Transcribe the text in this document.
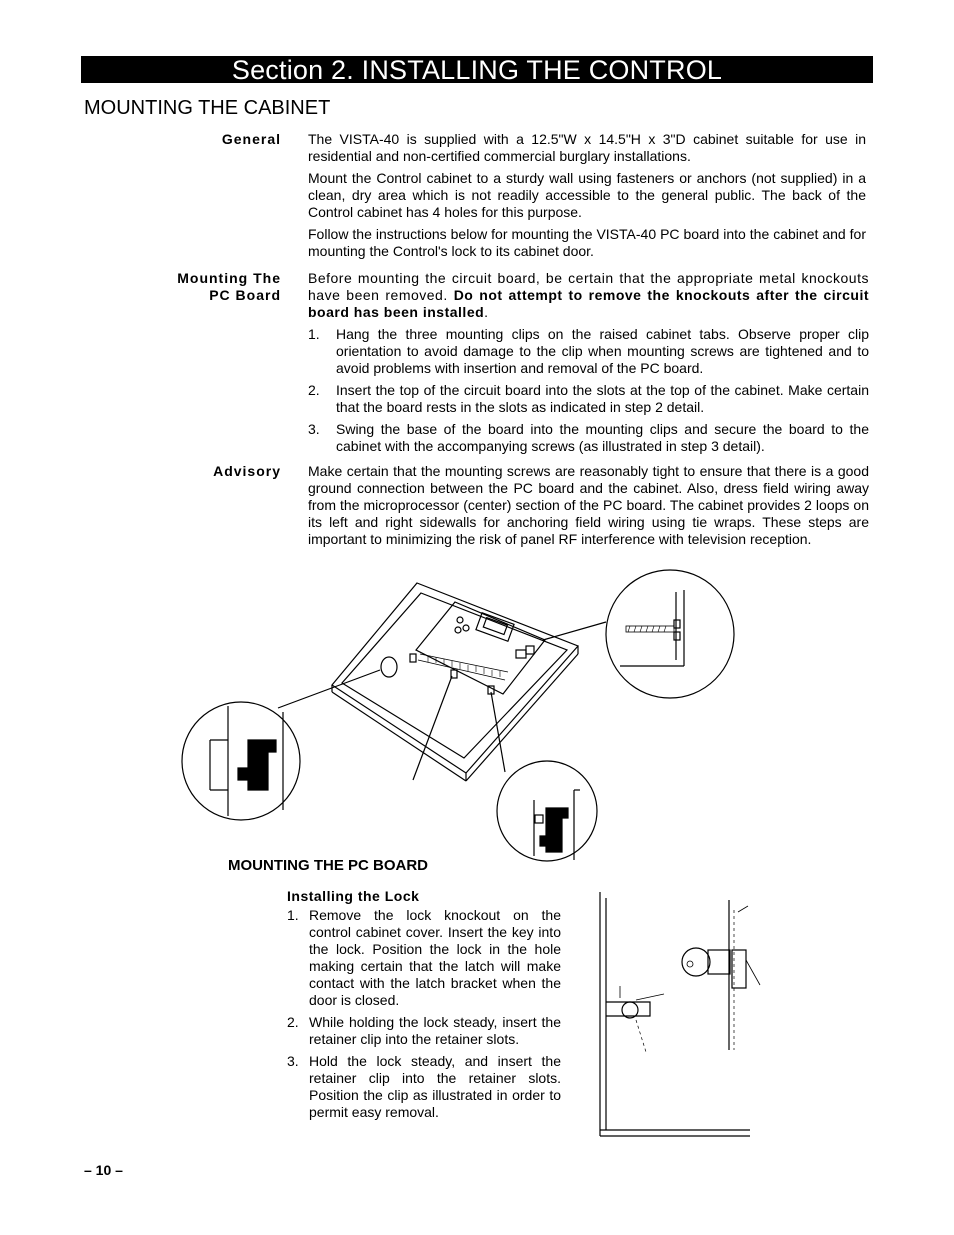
Section 2. INSTALLING THE CONTROL
MOUNTING THE CABINET
General The VISTA-40 is supplied with a 12.5"W x 14.5"H x 3"D cabinet suitable for use in residential and non-certified commercial burglary installations.

Mount the Control cabinet to a sturdy wall using fasteners or anchors (not supplied) in a clean, dry area which is not readily accessible to the general public. The back of the Control cabinet has 4 holes for this purpose.

Follow the instructions below for mounting the VISTA-40 PC board into the cabinet and for mounting the Control's lock to its cabinet door.

Mounting The
PC Board

Before mounting the circuit board, be certain that the appropriate metal knockouts have been removed. Do not attempt to remove the knockouts after the circuit board has been installed.

1. Hang the three mounting clips on the raised cabinet tabs. Observe proper clip orientation to avoid damage to the clip when mounting screws are tightened and to avoid problems with insertion and removal of the PC board.
2. Insert the top of the circuit board into the slots at the top of the cabinet. Make certain that the board rests in the slots as indicated in step 2 detail.
3. Swing the base of the board into the mounting clips and secure the board to the cabinet with the accompanying screws (as illustrated in step 3 detail).
Advisory Make certain that the mounting screws are reasonably tight to ensure that there is a good ground connection between the PC board and the cabinet. Also, dress field wiring away from the microprocessor (center) section of the PC board. The cabinet provides 2 loops on its left and right sidewalls for anchoring field wiring using tie wraps. These steps are important to minimizing the risk of panel RF interference with television reception.
MOUNTING THE PC BOARD
Installing the Lock
1. Remove the lock knockout on the control cabinet cover. Insert the key into the lock. Position the lock in the hole making certain that the latch will make contact with the latch bracket when the door is closed.
2. While holding the lock steady, insert the retainer clip into the retainer slots.
3. Hold the lock steady, and insert the retainer clip into the retainer slots. Position the clip as illustrated in order to permit easy removal.
– 10 –
